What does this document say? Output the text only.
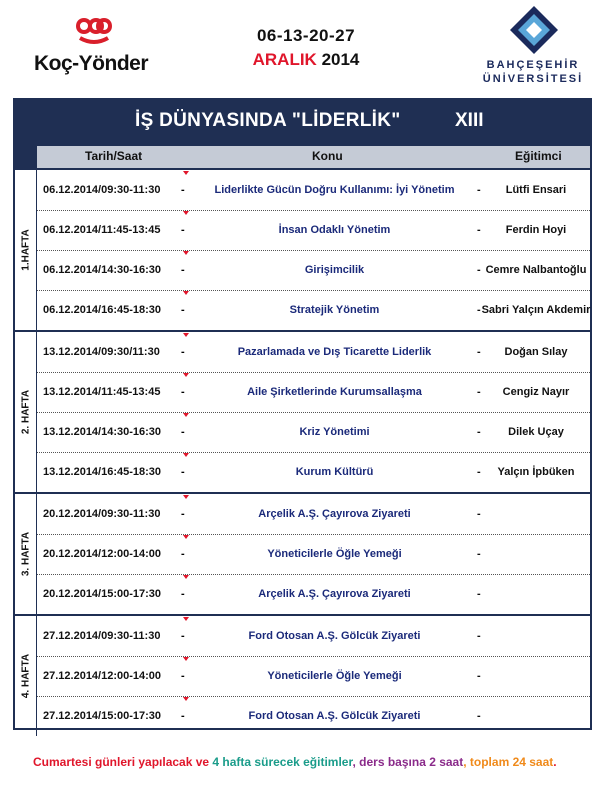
Koç-Yönder
06-13-20-27
ARALIK 2014	BAHÇEŞEHİR
ÜNİVERSİTESİ
İŞ DÜNYASINDA "LİDERLİK"	XIII
Tarih/Saat	Konu	Eğitimci
1.HAFTA
06.12.2014/09:30-11:30	-	Liderlikte Gücün Doğru Kullanımı: İyi Yönetim	-	Lütfi Ensari
06.12.2014/11:45-13:45	-	İnsan Odaklı Yönetim	-	Ferdin Hoyi
06.12.2014/14:30-16:30	-	Girişimcilik	- Cemre Nalbantoğlu
06.12.2014/16:45-18:30	-	Stratejik Yönetim	- Sabri Yalçın Akdemir
2. HAFTA
13.12.2014/09:30/11:30	-	Pazarlamada ve Dış Ticarette Liderlik	-	Doğan Sılay
13.12.2014/11:45-13:45	-	Aile Şirketlerinde Kurumsallaşma	-	Cengiz Nayır
13.12.2014/14:30-16:30	-	Kriz Yönetimi	-	Dilek Uçay
13.12.2014/16:45-18:30	-	Kurum Kültürü	-	Yalçın İpbüken
3. HAFTA
20.12.2014/09:30-11:30	-	Arçelik A.Ş. Çayırova Ziyareti	-
20.12.2014/12:00-14:00	-	Yöneticilerle Öğle Yemeği	-
20.12.2014/15:00-17:30	-	Arçelik A.Ş. Çayırova Ziyareti	-
4. HAFTA
27.12.2014/09:30-11:30	-	Ford Otosan A.Ş. Gölcük Ziyareti	-
27.12.2014/12:00-14:00	-	Yöneticilerle Öğle Yemeği	-
27.12.2014/15:00-17:30	-	Ford Otosan A.Ş. Gölcük Ziyareti	-
Cumartesi günleri yapılacak ve 4 hafta sürecek eğitimler, ders başına 2 saat, toplam 24 saat.
